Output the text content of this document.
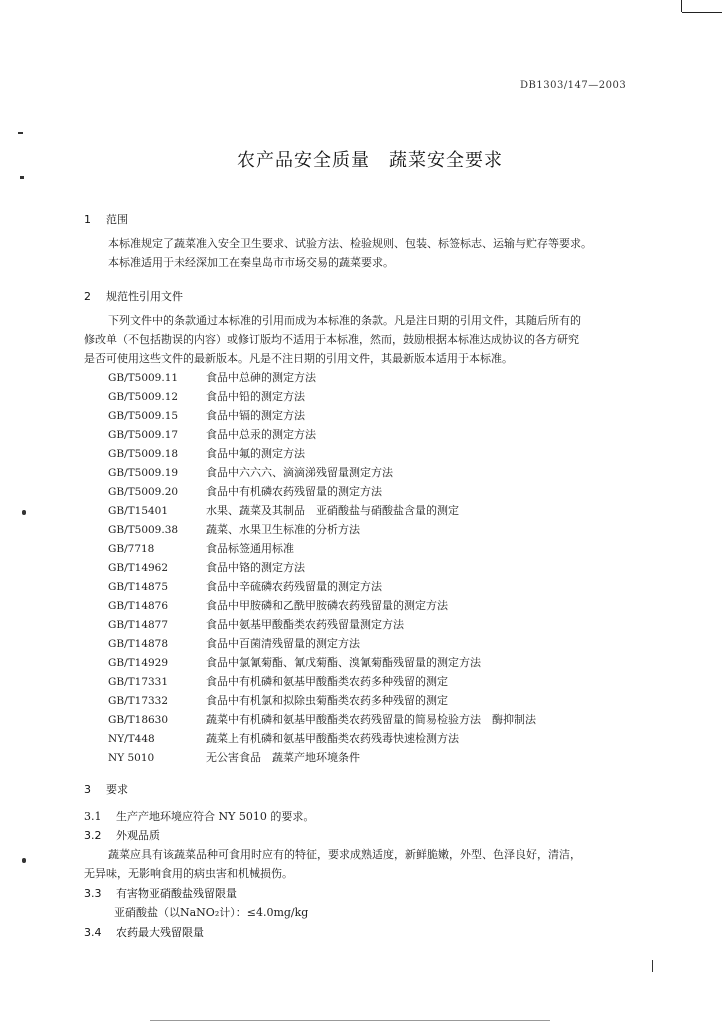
DB1303/147—2003
农产品安全质量　蔬菜安全要求
1 范围
本标准规定了蔬菜准入安全卫生要求、试验方法、检验规则、包装、标签标志、运输与贮存等要求。
本标准适用于未经深加工在秦皇岛市市场交易的蔬菜要求。
2 规范性引用文件
下列文件中的条款通过本标准的引用而成为本标准的条款。凡是注日期的引用文件，其随后所有的
修改单（不包括勘误的内容）或修订版均不适用于本标准，然而，鼓励根据本标准达成协议的各方研究
是否可使用这些文件的最新版本。凡是不注日期的引用文件，其最新版本适用于本标准。
GB/T5009.11	食品中总砷的测定方法
GB/T5009.12	食品中铅的测定方法
GB/T5009.15	食品中镉的测定方法
GB/T5009.17	食品中总汞的测定方法
GB/T5009.18	食品中氟的测定方法
GB/T5009.19	食品中六六六、滴滴涕残留量测定方法
GB/T5009.20	食品中有机磷农药残留量的测定方法
GB/T15401	水果、蔬菜及其制品　亚硝酸盐与硝酸盐含量的测定
GB/T5009.38	蔬菜、水果卫生标准的分析方法
GB/7718	食品标签通用标准
GB/T14962	食品中铬的测定方法
GB/T14875	食品中辛硫磷农药残留量的测定方法
GB/T14876	食品中甲胺磷和乙酰甲胺磷农药残留量的测定方法
GB/T14877	食品中氨基甲酸酯类农药残留量测定方法
GB/T14878	食品中百菌清残留量的测定方法
GB/T14929	食品中氯氰菊酯、氰戊菊酯、溴氰菊酯残留量的测定方法
GB/T17331	食品中有机磷和氨基甲酸酯类农药多种残留的测定
GB/T17332	食品中有机氯和拟除虫菊酯类农药多种残留的测定
GB/T18630	蔬菜中有机磷和氨基甲酸酯类农药残留量的简易检验方法　酶抑制法
NY/T448	蔬菜上有机磷和氨基甲酸酯类农药残毒快速检测方法
NY 5010	无公害食品　蔬菜产地环境条件
3 要求
3.1 生产产地环境应符合 NY 5010 的要求。
3.2 外观品质
蔬菜应具有该蔬菜品种可食用时应有的特征，要求成熟适度，新鲜脆嫩，外型、色泽良好，清洁，
无异味，无影响食用的病虫害和机械损伤。
3.3 有害物亚硝酸盐残留限量
亚硝酸盐（以NaNO₂计）：≤4.0mg/kg
3.4 农药最大残留限量
